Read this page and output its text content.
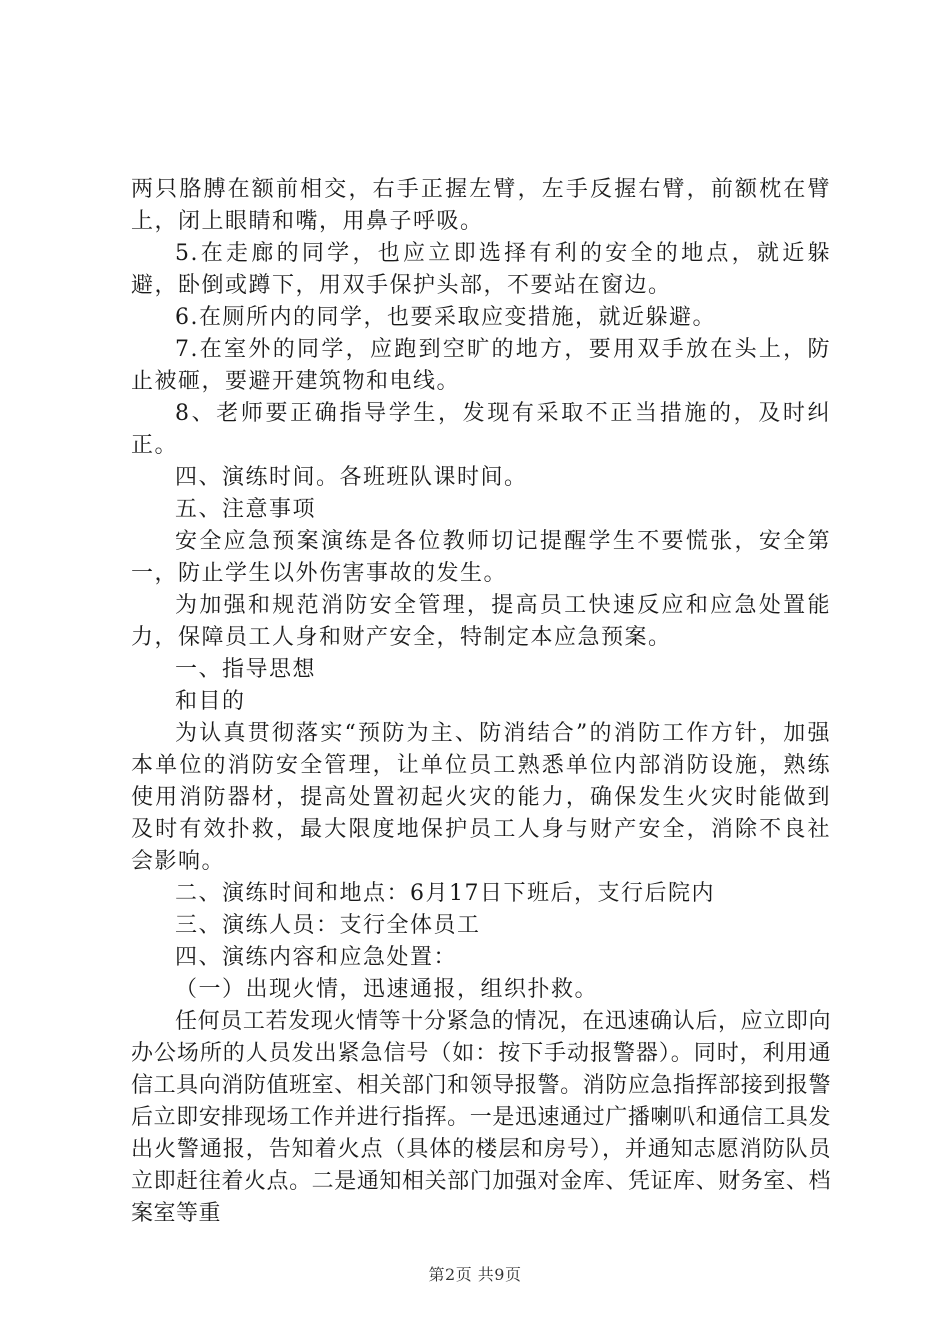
两只胳膊在额前相交，右手正握左臂，左手反握右臂，前额枕在臂上，闭上眼睛和嘴，用鼻子呼吸。

5.在走廊的同学，也应立即选择有利的安全的地点，就近躲避，卧倒或蹲下，用双手保护头部，不要站在窗边。

6.在厕所内的同学，也要采取应变措施，就近躲避。

7.在室外的同学，应跑到空旷的地方，要用双手放在头上，防止被砸，要避开建筑物和电线。

8、老师要正确指导学生，发现有采取不正当措施的，及时纠正。

四、演练时间。各班班队课时间。

五、注意事项

安全应急预案演练是各位教师切记提醒学生不要慌张，安全第一，防止学生以外伤害事故的发生。

为加强和规范消防安全管理，提高员工快速反应和应急处置能力，保障员工人身和财产安全，特制定本应急预案。

一、指导思想

和目的

为认真贯彻落实“预防为主、防消结合”的消防工作方针，加强本单位的消防安全管理，让单位员工熟悉单位内部消防设施，熟练使用消防器材，提高处置初起火灾的能力，确保发生火灾时能做到及时有效扑救，最大限度地保护员工人身与财产安全，消除不良社会影响。

二、演练时间和地点：6月17日下班后，支行后院内

三、演练人员：支行全体员工

四、演练内容和应急处置：

（一）出现火情，迅速通报，组织扑救。

任何员工若发现火情等十分紧急的情况，在迅速确认后，应立即向办公场所的人员发出紧急信号（如：按下手动报警器）。同时，利用通信工具向消防值班室、相关部门和领导报警。消防应急指挥部接到报警后立即安排现场工作并进行指挥。一是迅速通过广播喇叭和通信工具发出火警通报，告知着火点（具体的楼层和房号），并通知志愿消防队员立即赶往着火点。二是通知相关部门加强对金库、凭证库、财务室、档案室等重

第2页 共9页
